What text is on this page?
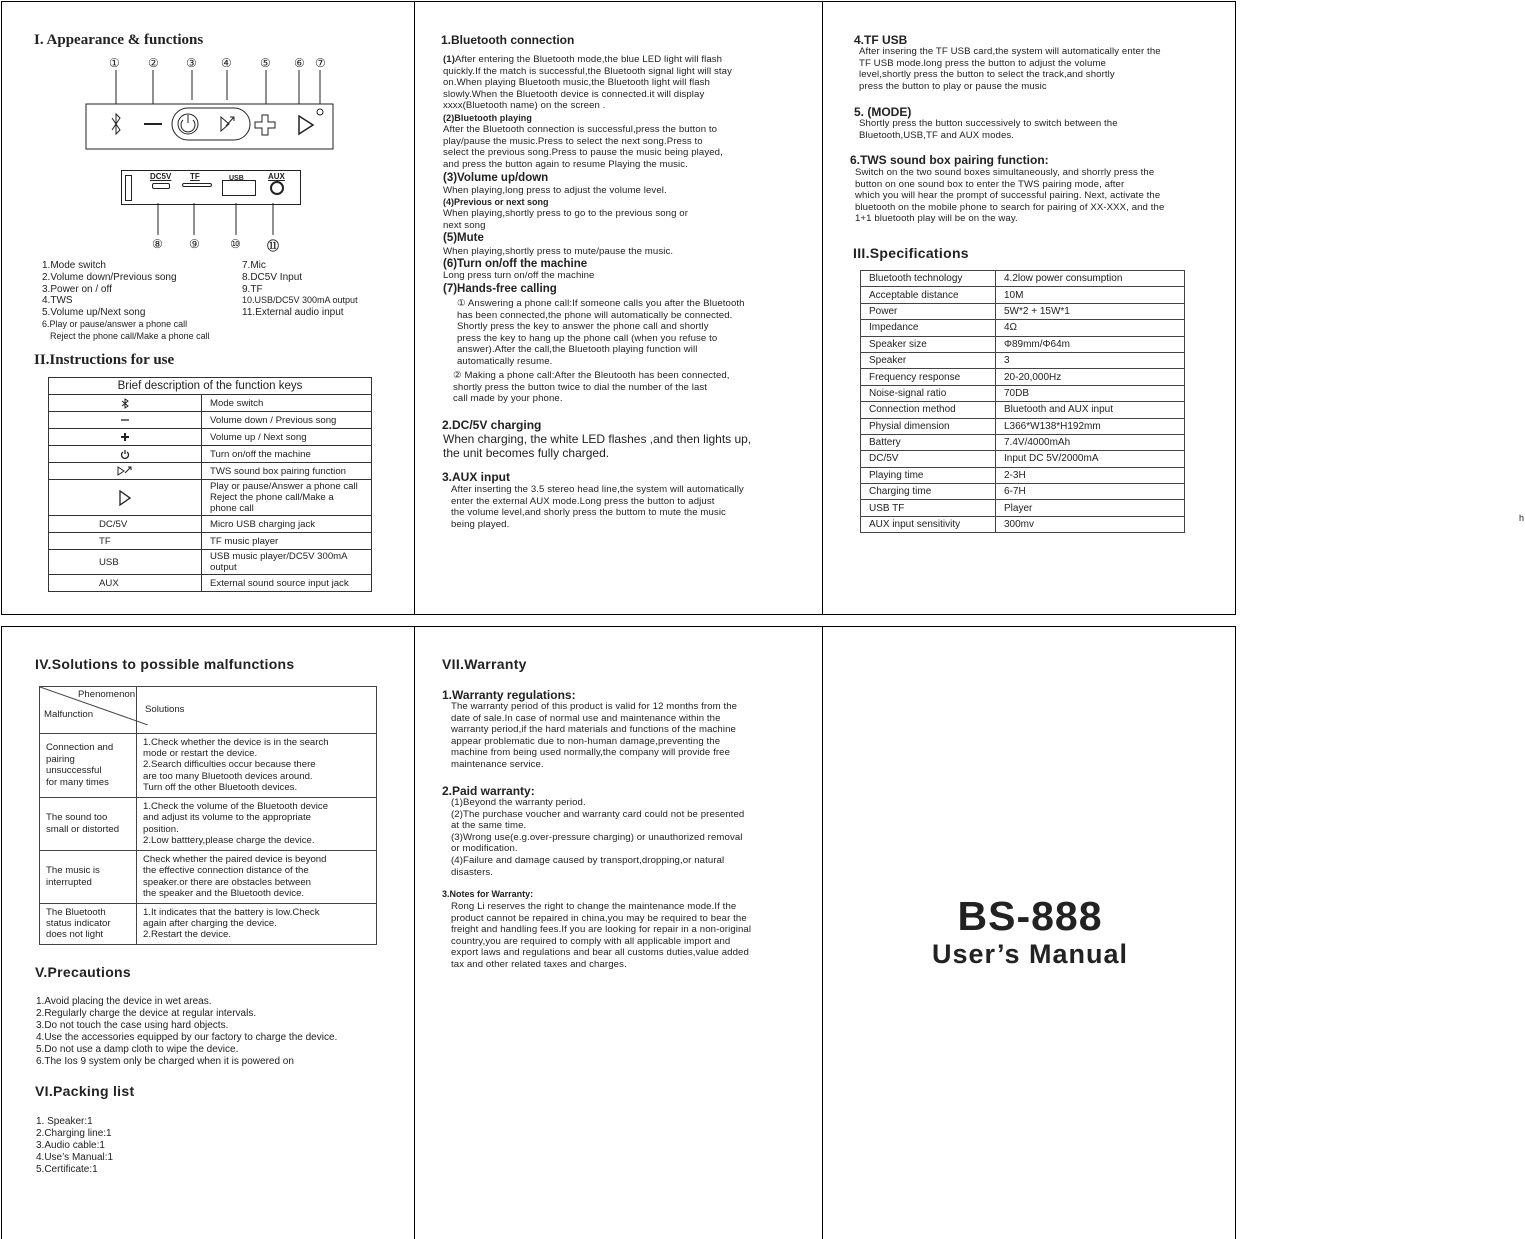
I. Appearance & functions
① ② ③ ④ ⑤ ⑥ ⑦
DC5V TF	USB	AUX
⑧ ⑨	⑩ ⑪
1.Mode switch
2.Volume down/Previous song
3.Power on / off
4.TWS
5.Volume up/Next song
6.Play or pause/answer a phone call
Reject the phone call/Make a phone call
7.Mic
8.DC5V Input
9.TF
10.USB/DC5V 300mA output
11.External audio input
II.Instructions for use
Brief description of the function keys	

	Mode switch

	Volume down / Previous song

	Volume up / Next song

	Turn on/off the machine

	TWS sound box pairing function

	Play or pause/Answer a phone call
Reject the phone call/Make a phone call
DC/5V	Micro USB charging jack
TF	TF music player
USB	USB music player/DC5V 300mA output
AUX	External sound source input jack
1.Bluetooth connection
(1)After entering the Bluetooth mode,the blue LED light will flash
quickly.If the match is successful,the Bluetooth signal light will stay
on.When playing Bluetooth music,the Bluetooth light will flash
slowly.When the Bluetooth device is connected.it will display
xxxx(Bluetooth name) on the screen .
(2)Bluetooth playing
After the Bluetooth connection is successful,press the button to
play/pause the music.Press to select the next song.Press to
select the previous song.Press to pause the music being played,
and press the button again to resume Playing the music.
(3)Volume up/down
When playing,long press to adjust the volume level.
(4)Previous or next song
When playing,shortly press to go to the previous song or
next song
(5)Mute
When playing,shortly press to mute/pause the music.
(6)Turn on/off the machine
Long press turn on/off the machine
(7)Hands-free calling
① Answering a phone call:If someone calls you after the Bluetooth
has been connected,the phone will automatically be connected.
Shortly press the key to answer the phone call and shortly
press the key to hang up the phone call (when you refuse to
answer).After the call,the Bluetooth playing function will
automatically resume.
② Making a phone call:After the Bleutooth has been connected,
shortly press the button twice to dial the number of the last
call made by your phone.
2.DC/5V charging
When charging, the white LED flashes ,and then lights up,
the unit becomes fully charged.
3.AUX input
After inserting the 3.5 stereo head line,the system will automatically
enter the external AUX mode.Long press the button to adjust
the volume level,and shorly press the buttom to mute the music
being played.
4.TF USB
After insering the TF USB card,the system will automatically enter the
TF USB mode.long press the button to adjust the volume
level,shortly press the button to select the track,and shortly
press the button to play or pause the music
5. (MODE)
Shortly press the button successively to switch between the
Bluetooth,USB,TF and AUX modes.
6.TWS sound box pairing function:
Switch on the two sound boxes simultaneously, and shorrly press the
button on one sound box to enter the TWS pairing mode, after
which you will hear the prompt of successful pairing. Next, activate the
bluetooth on the mobile phone to search for pairing of XX-XXX, and the
1+1 bluetooth play will be on the way.
III.Specifications
Bluetooth technology	4.2low power consumption
Acceptable distance	10M
Power	5W*2 + 15W*1
Impedance	4Ω
Speaker size	Φ89mm/Φ64m
Speaker	3
Frequency response	20-20,000Hz
Noise-signal ratio	70DB
Connection method	Bluetooth and AUX input
Physial dimension	L366*W138*H192mm
Battery	7.4V/4000mAh
DC/5V	Input DC 5V/2000mA
Playing time	2-3H
Charging time	6-7H
USB TF	Player
AUX input sensitivity	300mv
h
IV.Solutions to possible malfunctions
V.Precautions
1.Avoid placing the device in wet areas.
2.Regularly charge the device at regular intervals.
3.Do not touch the case using hard objects.
4.Use the accessories equipped by our factory to charge the device.
5.Do not use a damp cloth to wipe the device.
6.The Ios 9 system only be charged when it is powered on
VI.Packing list
1. Speaker:1
2.Charging line:1
3.Audio cable:1
4.Use’s Manual:1
5.Certificate:1

Phenomenon

Malfunction	Solutions
Connection and
pairing unsuccessful
for many times	1.Check whether the device is in the search
mode or restart the device.
2.Search difficulties occur because there
are too many Bluetooth devices around.
Turn off the other Bluetooth devices.
The sound too
small or distorted	1.Check the volume of the Bluetooth device
and adjust its volume to the appropriate
position.
2.Low batttery,please charge the device.
The music is
interrupted	Check whether the paired device is beyond
the effective connection distance of the
speaker.or there are obstacles between
the speaker and the Bluetooth device.
The Bluetooth
status indicator
does not light	1.It indicates that the battery is low.Check
again after charging the device.
2.Restart the device.
VII.Warranty
1.Warranty regulations:
The warranty period of this product is valid for 12 months from the
date of sale.In case of normal use and maintenance within the
warranty period,if the hard materials and functions of the machine
appear problematic due to non-human damage,preventing the
machine from being used normally,the company will provide free
maintenance service.
2.Paid warranty:
(1)Beyond the warranty period.
(2)The purchase voucher and warranty card could not be presented
at the same time.
(3)Wrong use(e.g.over-pressure charging) or unauthorized removal
or modification.
(4)Failure and damage caused by transport,dropping,or natural
disasters.
3.Notes for Warranty:
Rong Li reserves the right to change the maintenance mode.If the
product cannot be repaired in china,you may be required to bear the
freight and handling fees.If you are looking for repair in a non-original
country,you are required to comply with all applicable import and
export laws and regulations and bear all customs duties,value added
tax and other related taxes and charges.
BS-888
User’s Manual
